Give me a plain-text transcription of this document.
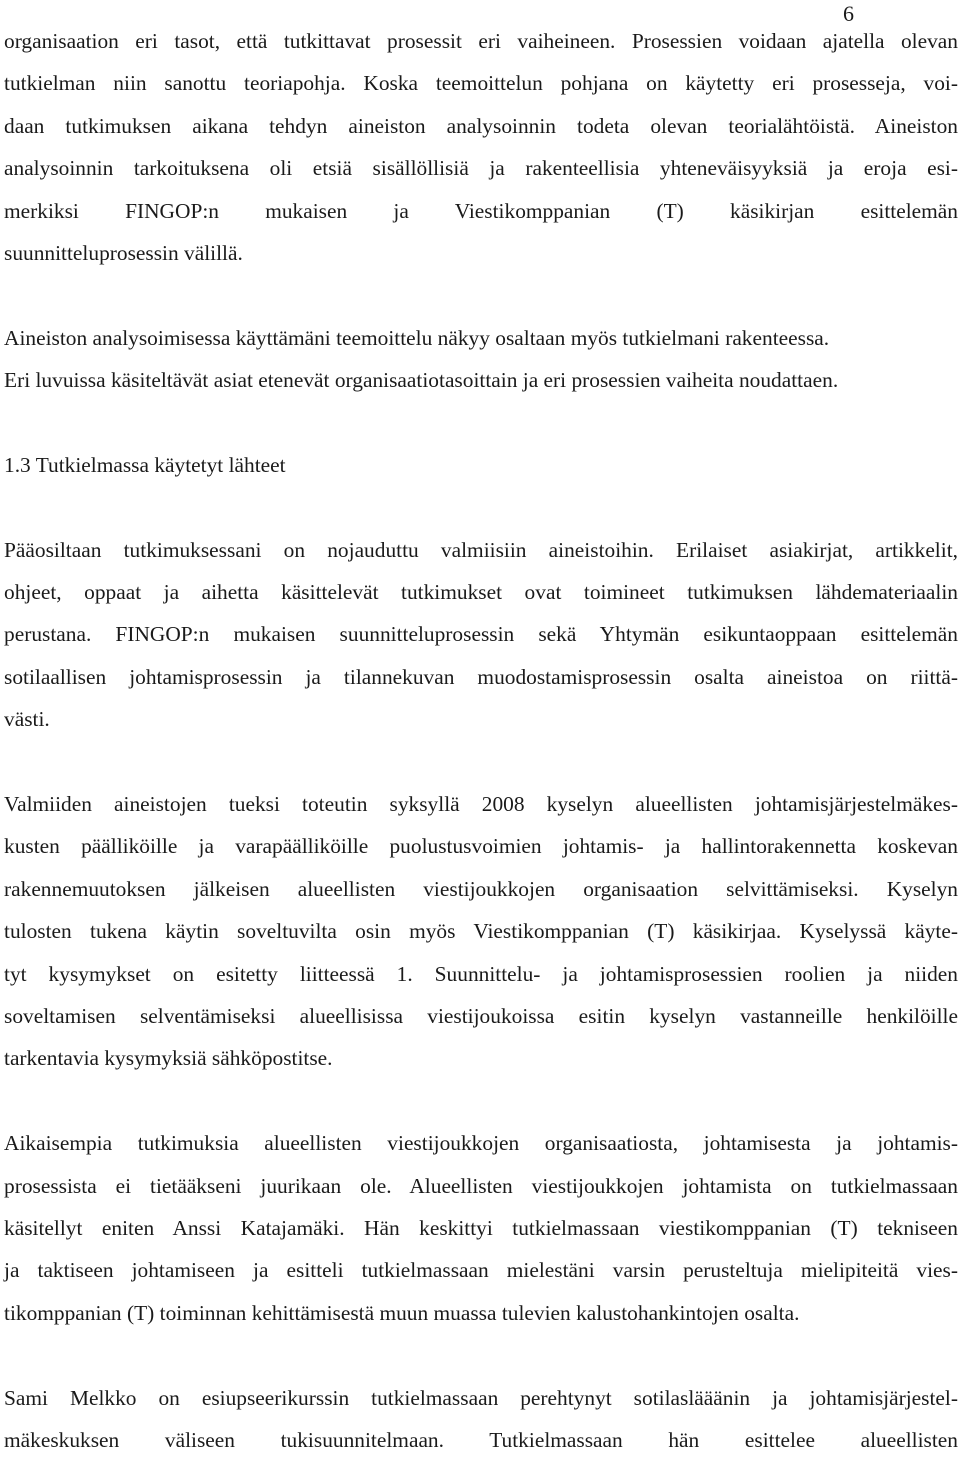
6
organisaation eri tasot, että tutkittavat prosessit eri vaiheineen. Prosessien voidaan ajatella olevan
tutkielman niin sanottu teoriapohja. Koska teemoittelun pohjana on käytetty eri prosesseja, voi-
daan tutkimuksen aikana tehdyn aineiston analysoinnin todeta olevan teorialähtöistä. Aineiston
analysoinnin tarkoituksena oli etsiä sisällöllisiä ja rakenteellisia yhteneväisyyksiä ja eroja esi-
merkiksi FINGOP:n mukaisen ja Viestikomppanian (T) käsikirjan esittelemän
suunnitteluprosessin välillä.
Aineiston analysoimisessa käyttämäni teemoittelu näkyy osaltaan myös tutkielmani rakenteessa.
Eri luvuissa käsiteltävät asiat etenevät organisaatiotasoittain ja eri prosessien vaiheita noudattaen.
1.3 Tutkielmassa käytetyt lähteet
Pääosiltaan tutkimuksessani on nojauduttu valmiisiin aineistoihin. Erilaiset asiakirjat, artikkelit,
ohjeet, oppaat ja aihetta käsittelevät tutkimukset ovat toimineet tutkimuksen lähdemateriaalin
perustana. FINGOP:n mukaisen suunnitteluprosessin sekä Yhtymän esikuntaoppaan esittelemän
sotilaallisen johtamisprosessin ja tilannekuvan muodostamisprosessin osalta aineistoa on riittä-
västi.
Valmiiden aineistojen tueksi toteutin syksyllä 2008 kyselyn alueellisten johtamisjärjestelmäkes-
kusten päälliköille ja varapäälliköille puolustusvoimien johtamis- ja hallintorakennetta koskevan
rakennemuutoksen jälkeisen alueellisten viestijoukkojen organisaation selvittämiseksi. Kyselyn
tulosten tukena käytin soveltuvilta osin myös Viestikomppanian (T) käsikirjaa. Kyselyssä käyte-
tyt kysymykset on esitetty liitteessä 1. Suunnittelu- ja johtamisprosessien roolien ja niiden
soveltamisen selventämiseksi alueellisissa viestijoukoissa esitin kyselyn vastanneille henkilöille
tarkentavia kysymyksiä sähköpostitse.
Aikaisempia tutkimuksia alueellisten viestijoukkojen organisaatiosta, johtamisesta ja johtamis-
prosessista ei tietääkseni juurikaan ole. Alueellisten viestijoukkojen johtamista on tutkielmassaan
käsitellyt eniten Anssi Katajamäki. Hän keskittyi tutkielmassaan viestikomppanian (T) tekniseen
ja taktiseen johtamiseen ja esitteli tutkielmassaan mielestäni varsin perusteltuja mielipiteitä vies-
tikomppanian (T) toiminnan kehittämisestä muun muassa tulevien kalustohankintojen osalta.
Sami Melkko on esiupseerikurssin tutkielmassaan perehtynyt sotilaslääänin ja johtamisjärjestel-
mäkeskuksen väliseen tukisuunnitelmaan. Tutkielmassaan hän esittelee alueellisten
